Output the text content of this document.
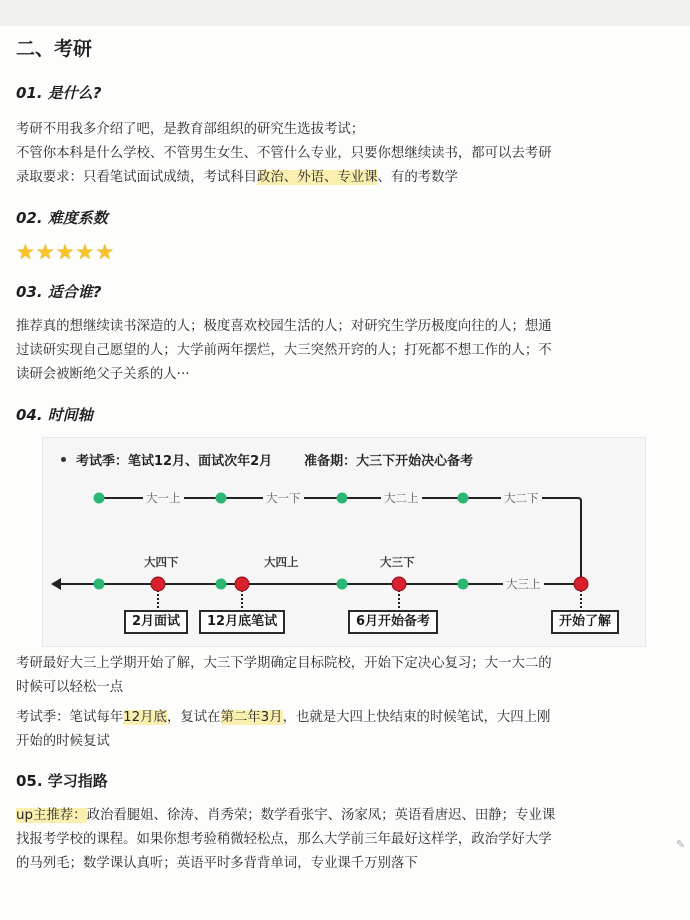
二、考研
01. 是什么?
考研不用我多介绍了吧，是教育部组织的研究生选拔考试；
不管你本科是什么学校、不管男生女生、不管什么专业，只要你想继续读书，都可以去考研
录取要求：只看笔试面试成绩，考试科目政治、外语、专业课、有的考数学
02. 难度系数
★ ★ ★ ★ ★
03. 适合谁?
推荐真的想继续读书深造的人；极度喜欢校园生活的人；对研究生学历极度向往的人；想通
过读研实现自己愿望的人；大学前两年摆烂，大三突然开窍的人；打死都不想工作的人；不
读研会被断绝父子关系的人···
04. 时间轴
考试季：笔试12月、面试次年2月 准备期：大三下开始决心备考
大一上	大一下	大二上	大二下
大三上
大三下
大四上
大四下
2月面试	12月底笔试	6月开始备考	开始了解
考研最好大三上学期开始了解，大三下学期确定目标院校，开始下定决心复习；大一大二的
时候可以轻松一点
考试季：笔试每年12月底，复试在第二年3月，也就是大四上快结束的时候笔试，大四上刚
开始的时候复试
05. 学习指路
up主推荐：政治看腿姐、徐涛、肖秀荣；数学看张宇、汤家凤；英语看唐迟、田静；专业课
找报考学校的课程。如果你想考验稍微轻松点，那么大学前三年最好这样学，政治学好大学
的马列毛；数学课认真听；英语平时多背背单词，专业课千万别落下
✎
